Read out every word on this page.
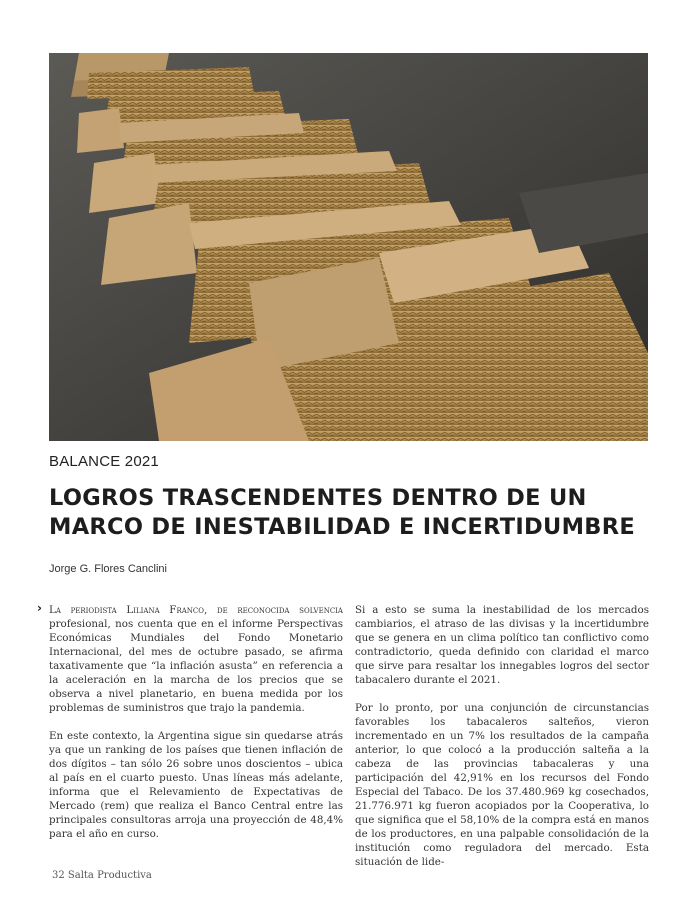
BALANCE 2021
LOGROS TRASCENDENTES DENTRO DE UN
MARCO DE INESTABILIDAD E INCERTIDUMBRE
Jorge G. Flores Canclini
› La periodista Liliana Franco, de reconocida solvencia profesional, nos cuenta que en el informe Perspectivas Económicas Mundiales del Fondo Monetario Internacional, del mes de octubre pasado, se afirma taxativamente que “la inflación asusta” en referencia a la aceleración en la marcha de los precios que se observa a nivel planetario, en buena medida por los problemas de suministros que trajo la pandemia.

En este contexto, la Argentina sigue sin quedarse atrás ya que un ranking de los países que tienen inflación de dos dígitos – tan sólo 26 sobre unos doscientos – ubica al país en el cuarto puesto. Unas líneas más adelante, informa que el Relevamiento de Expectativas de Mercado (rem) que realiza el Banco Central entre las principales consultoras arroja una proyección de 48,4% para el año en curso.

Si a esto se suma la inestabilidad de los mercados cambiarios, el atraso de las divisas y la incertidumbre que se genera en un clima político tan conflictivo como contradictorio, queda definido con claridad el marco que sirve para resaltar los innegables logros del sector tabacalero durante el 2021.

Por lo pronto, por una conjunción de circunstancias favorables los tabacaleros salteños, vieron incrementado en un 7% los resultados de la campaña anterior, lo que colocó a la producción salteña a la cabeza de las provincias tabacaleras y una participación del 42,91% en los recursos del Fondo Especial del Tabaco. De los 37.480.969 kg cosechados, 21.776.971 kg fueron acopiados por la Cooperativa, lo que significa que el 58,10% de la compra está en manos de los productores, en una palpable consolidación de la institución como reguladora del mercado. Esta situación de lide-

32 Salta Productiva
